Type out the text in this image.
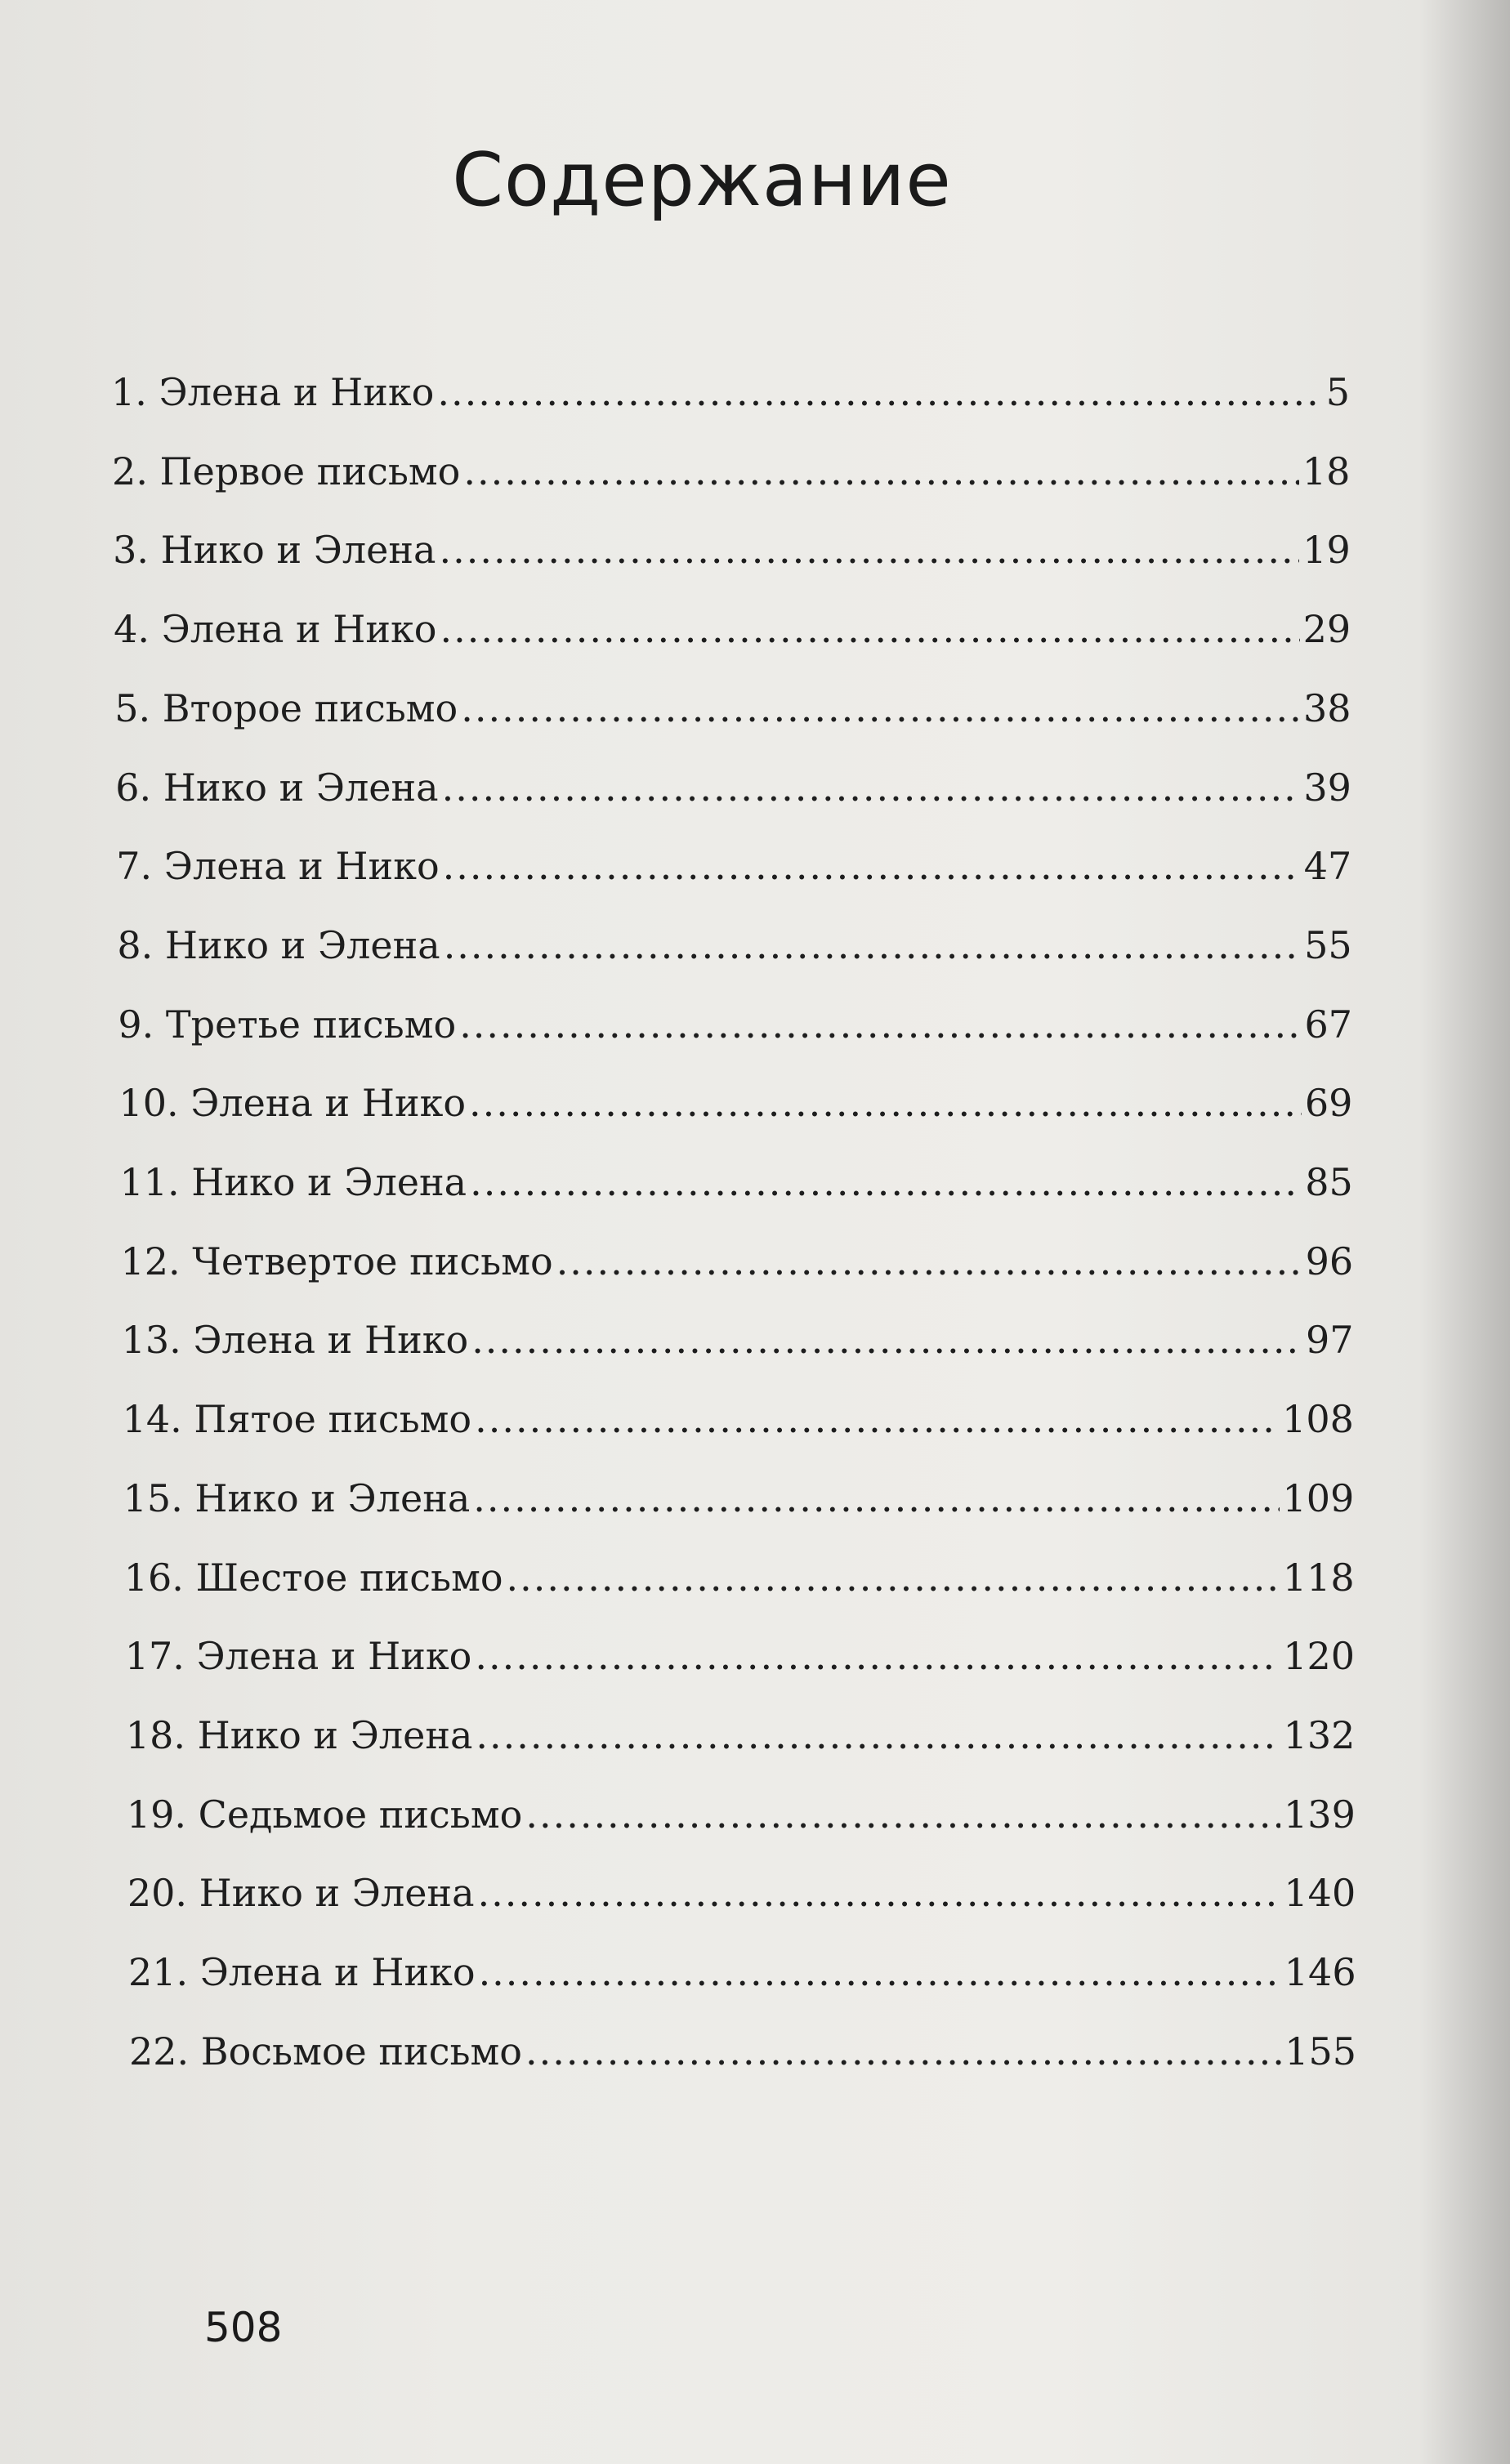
Содержание
1. Элена и Нико .....	5
2. Первое письмо .....	18
3. Нико и Элена .....	19
4. Элена и Нико .....	29
5. Второе письмо .....	38
6. Нико и Элена .....	39
7. Элена и Нико .....	47
8. Нико и Элена .....	55
9. Третье письмо .....	67
10. Элена и Нико .....	69
11. Нико и Элена .....	85
12. Четвертое письмо .....	96
13. Элена и Нико .....	97
14. Пятое письмо .....	108
15. Нико и Элена .....	109
16. Шестое письмо .....	118
17. Элена и Нико .....	120
18. Нико и Элена .....	132
19. Седьмое письмо .....	139
20. Нико и Элена .....	140
21. Элена и Нико .....	146
22. Восьмое письмо .....	155
508
